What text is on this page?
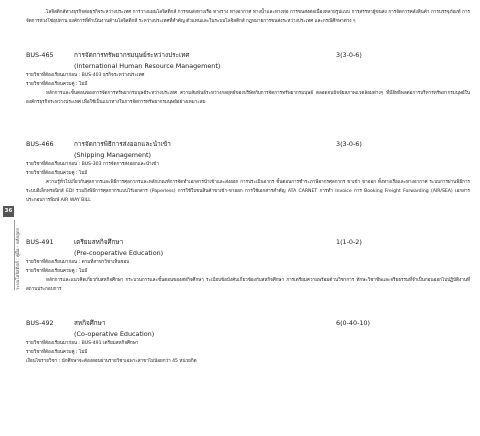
36
ระบบโลจิสติกส์ : คู่มือ - หลักสูตร

โลจิสติกส์ทางธุรกิจต่อธุรกิจระหว่างประเทศ การวางแผนโลจิสติกส์ การขนส่งทางเรือ ทางราง ทางอากาศ ทางน้ำและทางท่อ การขนส่งต่อเนื่องหลายรูปแบบ การสรรหาผู้ขนส่ง การจัดการคลังสินค้า การบรรจุภัณฑ์ การจัดการห่วงโซ่อุปทาน องค์การที่ดำเนินงานด้านโลจิสติกส์ ระหว่างประเทศที่สำคัญ ตัวแทนและในระบบโลจิสติกส์ กฎหมายการขนส่งระหว่างประเทศ และกรณีศึกษาต่าง ๆ

BUS-465	การจัดการทรัพยากรมนุษย์ระหว่างประเทศ	3(3-0-6)
(International Human Resource Management)

รายวิชาที่ต้องเรียนมาก่อน : BUS-403 ธุรกิจระหว่างประเทศ

รายวิชาที่ต้องเรียนควบคู่ : ไม่มี

หลักการและขั้นตอนของการจัดการทรัพยากรมนุษย์ระหว่างประเทศ ความสัมพันธ์ระหว่างกลยุทธ์ของบริษัทกับการจัดการทรัพยากรมนุษย์ ตลอดจนปัจจัยสภาพแวดล้อมต่างๆ ที่มีอิทธิพลต่อการบริหารทรัพยากรมนุษย์ในองค์กรธุรกิจระหว่างประเทศ เพื่อใช้เป็นแนวทางในการจัดการทรัพยากรมนุษย์อย่างเหมาะสม

BUS-466	การจัดการพิธีการส่งออกและนำเข้า	3(3-0-6)
(Shipping Management)

รายวิชาที่ต้องเรียนมาก่อน : BUS-303 การจัดการส่งออกและนำเข้า

รายวิชาที่ต้องเรียนควบคู่ : ไม่มี

ความรู้ทั่วไปเกี่ยวกับศุลกากรและพิธีการศุลกากรและหลักเกณฑ์การจัดทำเอกสารนำเข้าและส่งออก การประเมินอากร ขั้นตอนการชำระภาษีอากรศุลกากร ขาเข้า ขาออก ทั้งทางเรือและทางอากาศ ระบบการผ่านพิธีการระบบอิเล็กทรอนิกส์ EDI รวมถึงพิธีการศุลกากรแบบไร้เอกสาร (Paperless) การใช้ใบขนสินค้าขาเข้า-ขาออก การใช้เอกสารสำคัญ ATA CARNET การทำ Invoice การ Booking Freight Forwarding (AIR/SEA) เอกสารประกอบการพิมพ์ AIR WAY BILL

BUS-491	เตรียมสหกิจศึกษา	1(1-0-2)
(Pre-cooperative Education)

รายวิชาที่ต้องเรียนมาก่อน : ตามที่สาขาวิชาเห็นชอบ

รายวิชาที่ต้องเรียนควบคู่ : ไม่มี

หลักการและแนวคิดเกี่ยวกับสหกิจศึกษา กระบวนการและขั้นตอนของสหกิจศึกษา ระเบียบข้อบังคับเกี่ยวข้องกับสหกิจศึกษา การเตรียมความพร้อมด้านวิชาการ ทักษะวิชาชีพและจริยธรรมที่จำเป็นก่อนออกไปปฏิบัติงานที่สถานประกอบการ

BUS-492	สหกิจศึกษา	6(0-40-10)
(Co-operative Education)

รายวิชาที่ต้องเรียนมาก่อน : BUS-491 เตรียมสหกิจศึกษา

รายวิชาที่ต้องเรียนควบคู่ : ไม่มี

เงื่อนไขรายวิชา : นักศึกษาจะต้องสอบผ่านรายวิชาเฉพาะสาขาไม่น้อยกว่า 45 หน่วยกิต
